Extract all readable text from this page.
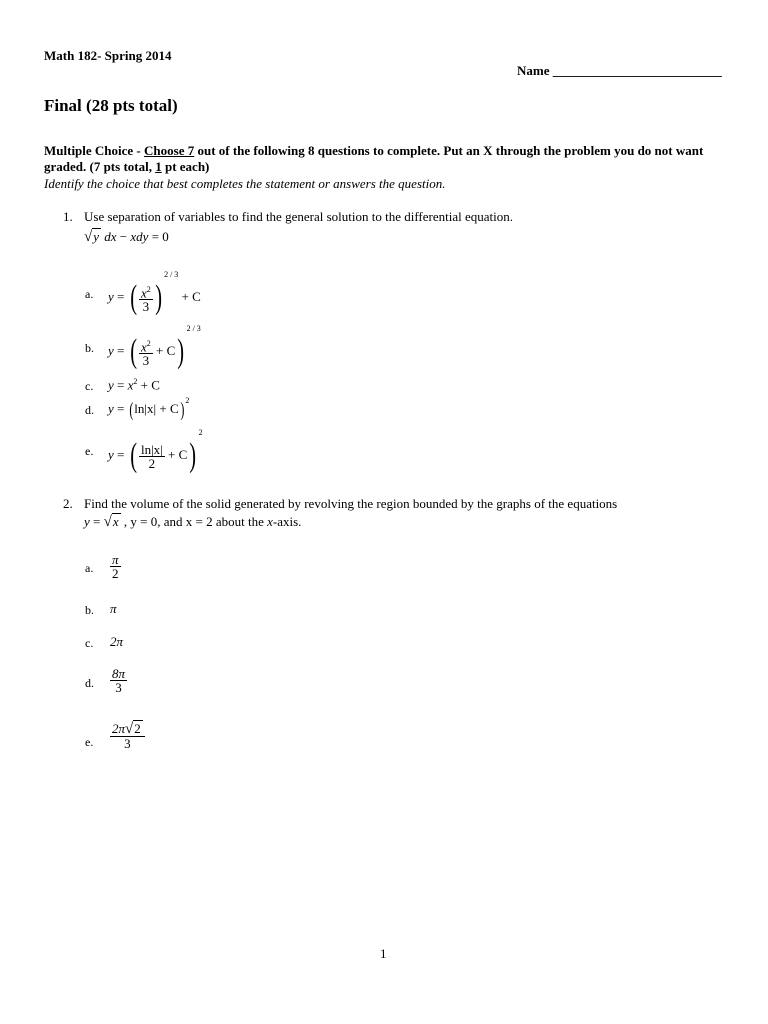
Math 182- Spring 2014
Name __________________________
Final (28 pts total)
Multiple Choice - Choose 7 out of the following 8 questions to complete. Put an X through the problem you do not want graded. (7 pts total, 1 pt each)
Identify the choice that best completes the statement or answers the question.
1. Use separation of variables to find the general solution to the differential equation.
√y dx − xdy = 0
a. y = ( $\frac{x^2}{3} )^{2 / 3} + C$
b. y = ( $\frac{x^2}{3} + C)^{2 / 3}$
c. $y = x^2 + C$
d. $y = (\ln|x| + C)^2$
e. y = ( $\frac{\ln|x|}{2} + C)^2$
2. Find the volume of the solid generated by revolving the region bounded by the graphs of the equations
y = √x , y = 0, and x = 2 about the x-axis.
a. $\frac{\pi}{2}$
b. π
c. 2π
d. $\frac{8\pi}{3}$
e. $\frac{2\pi√2}{3}$
1
